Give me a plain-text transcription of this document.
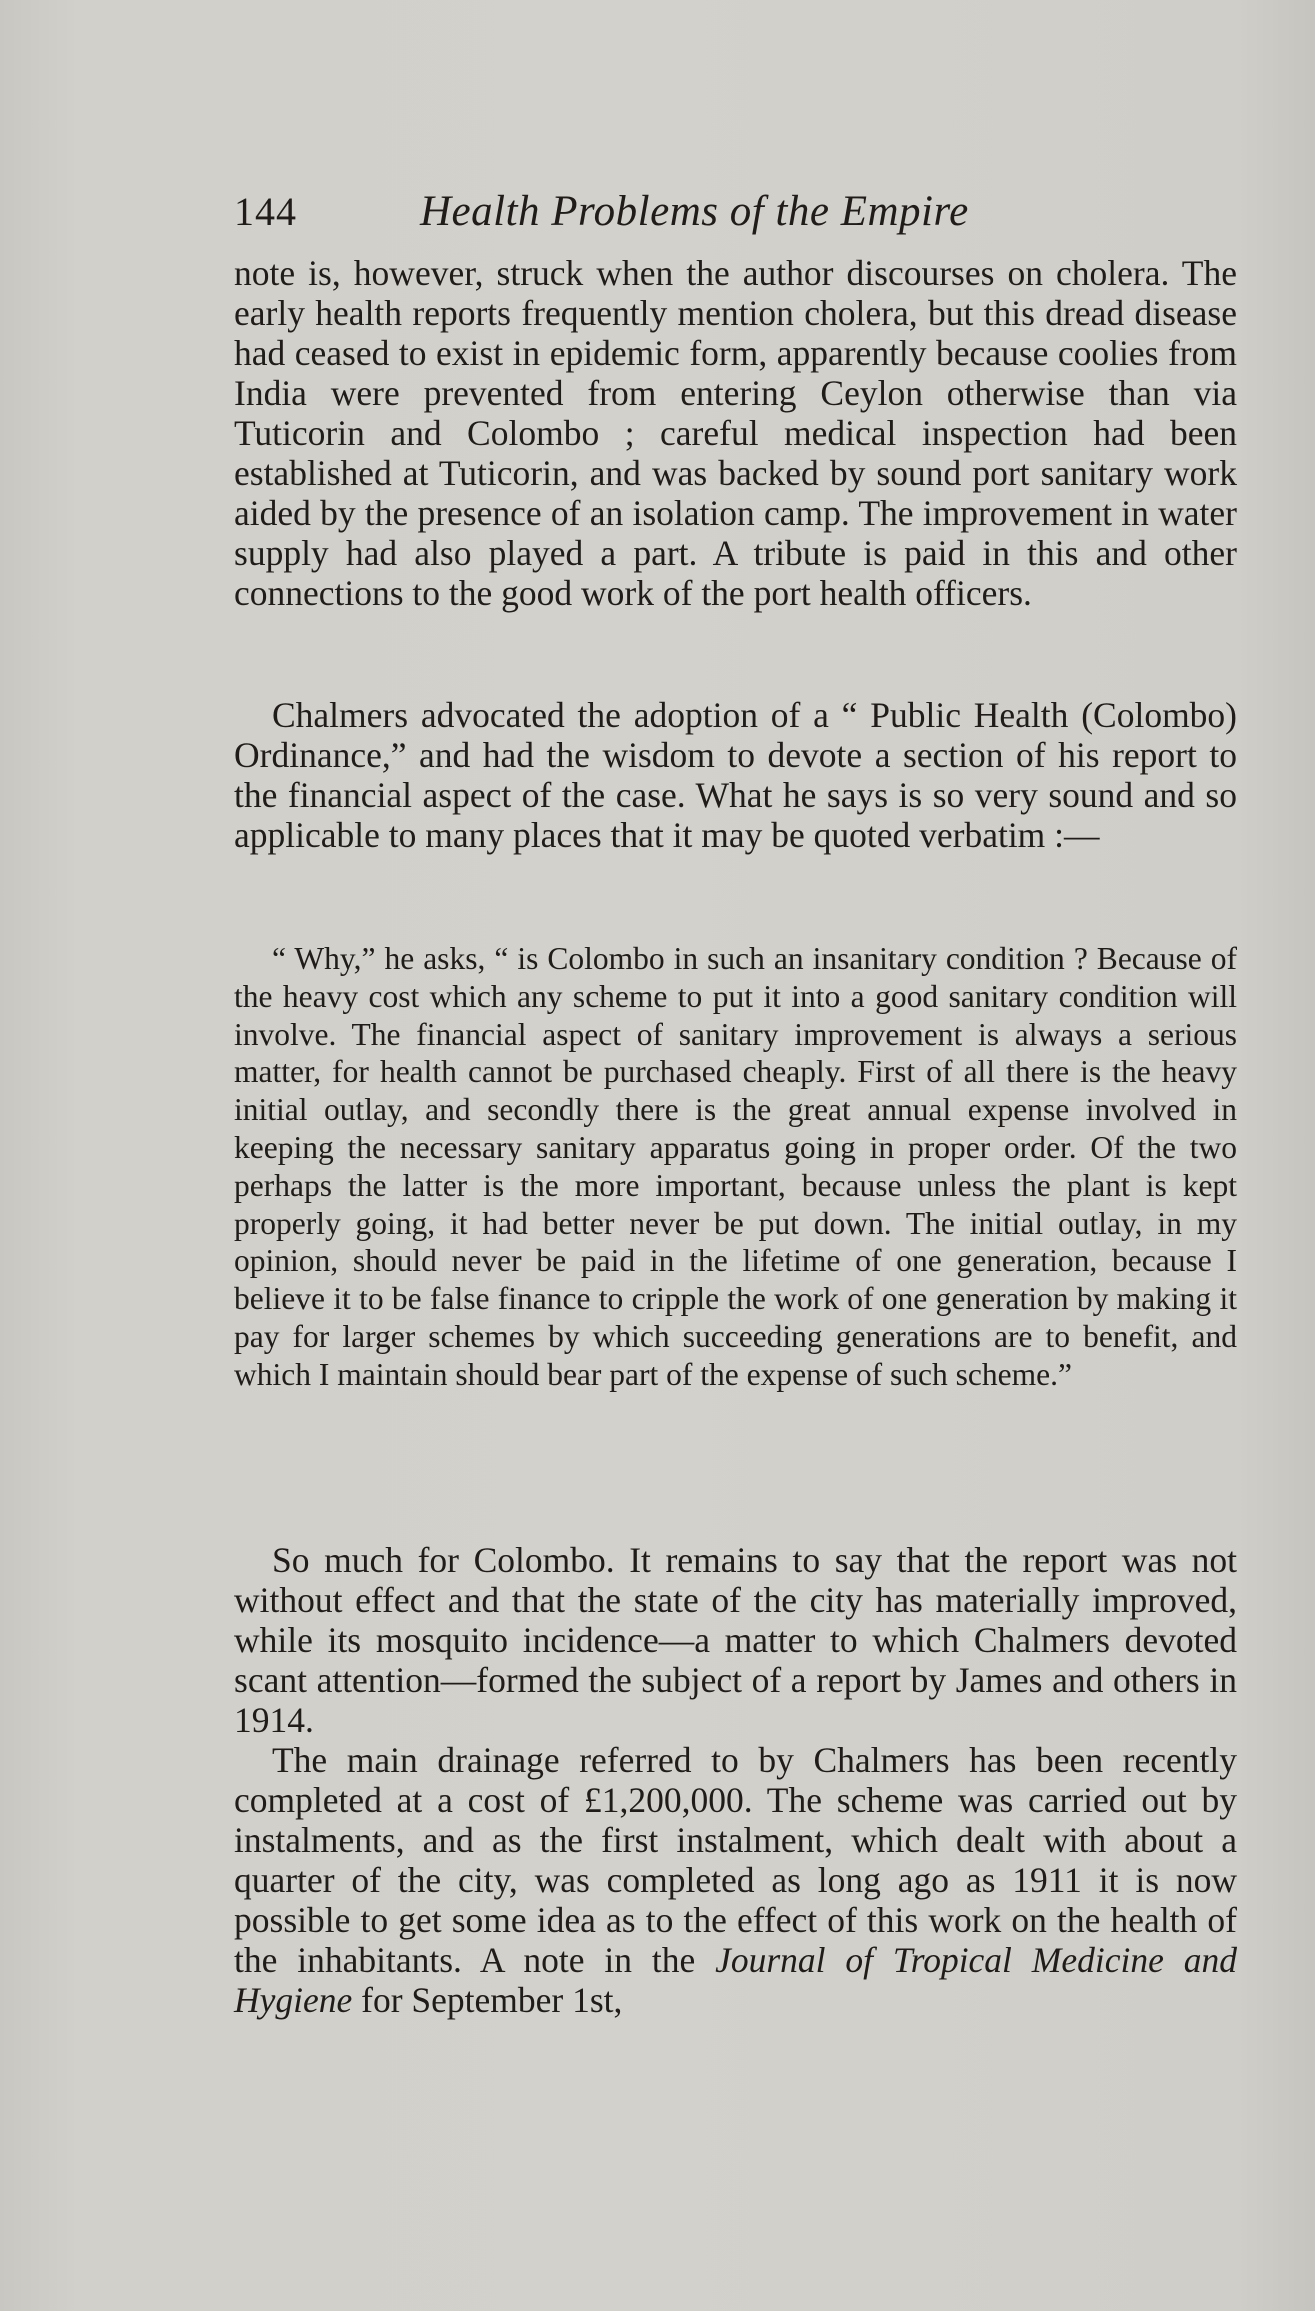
144	Health Problems of the Empire

note is, however, struck when the author discourses on cholera. The early health reports frequently mention cholera, but this dread disease had ceased to exist in epidemic form, apparently because coolies from India were prevented from entering Ceylon otherwise than via Tuticorin and Colombo ; careful medical inspection had been established at Tuticorin, and was backed by sound port sanitary work aided by the presence of an isolation camp. The improvement in water supply had also played a part. A tribute is paid in this and other connections to the good work of the port health officers.

Chalmers advocated the adoption of a “ Public Health (Colombo) Ordinance,” and had the wisdom to devote a section of his report to the financial aspect of the case. What he says is so very sound and so applicable to many places that it may be quoted verbatim :—

“ Why,” he asks, “ is Colombo in such an insanitary condition ? Because of the heavy cost which any scheme to put it into a good sanitary condition will involve. The financial aspect of sanitary improvement is always a serious matter, for health cannot be purchased cheaply. First of all there is the heavy initial outlay, and secondly there is the great annual expense involved in keeping the necessary sanitary apparatus going in proper order. Of the two perhaps the latter is the more important, because unless the plant is kept properly going, it had better never be put down. The initial outlay, in my opinion, should never be paid in the lifetime of one generation, because I believe it to be false finance to cripple the work of one generation by making it pay for larger schemes by which succeeding generations are to benefit, and which I maintain should bear part of the expense of such scheme.”

So much for Colombo. It remains to say that the report was not without effect and that the state of the city has materially improved, while its mosquito incidence—a matter to which Chalmers devoted scant attention—formed the subject of a report by James and others in 1914.

The main drainage referred to by Chalmers has been recently completed at a cost of £1,200,000. The scheme was carried out by instalments, and as the first instalment, which dealt with about a quarter of the city, was completed as long ago as 1911 it is now possible to get some idea as to the effect of this work on the health of the inhabitants. A note in the Journal of Tropical Medicine and Hygiene for September 1st,
